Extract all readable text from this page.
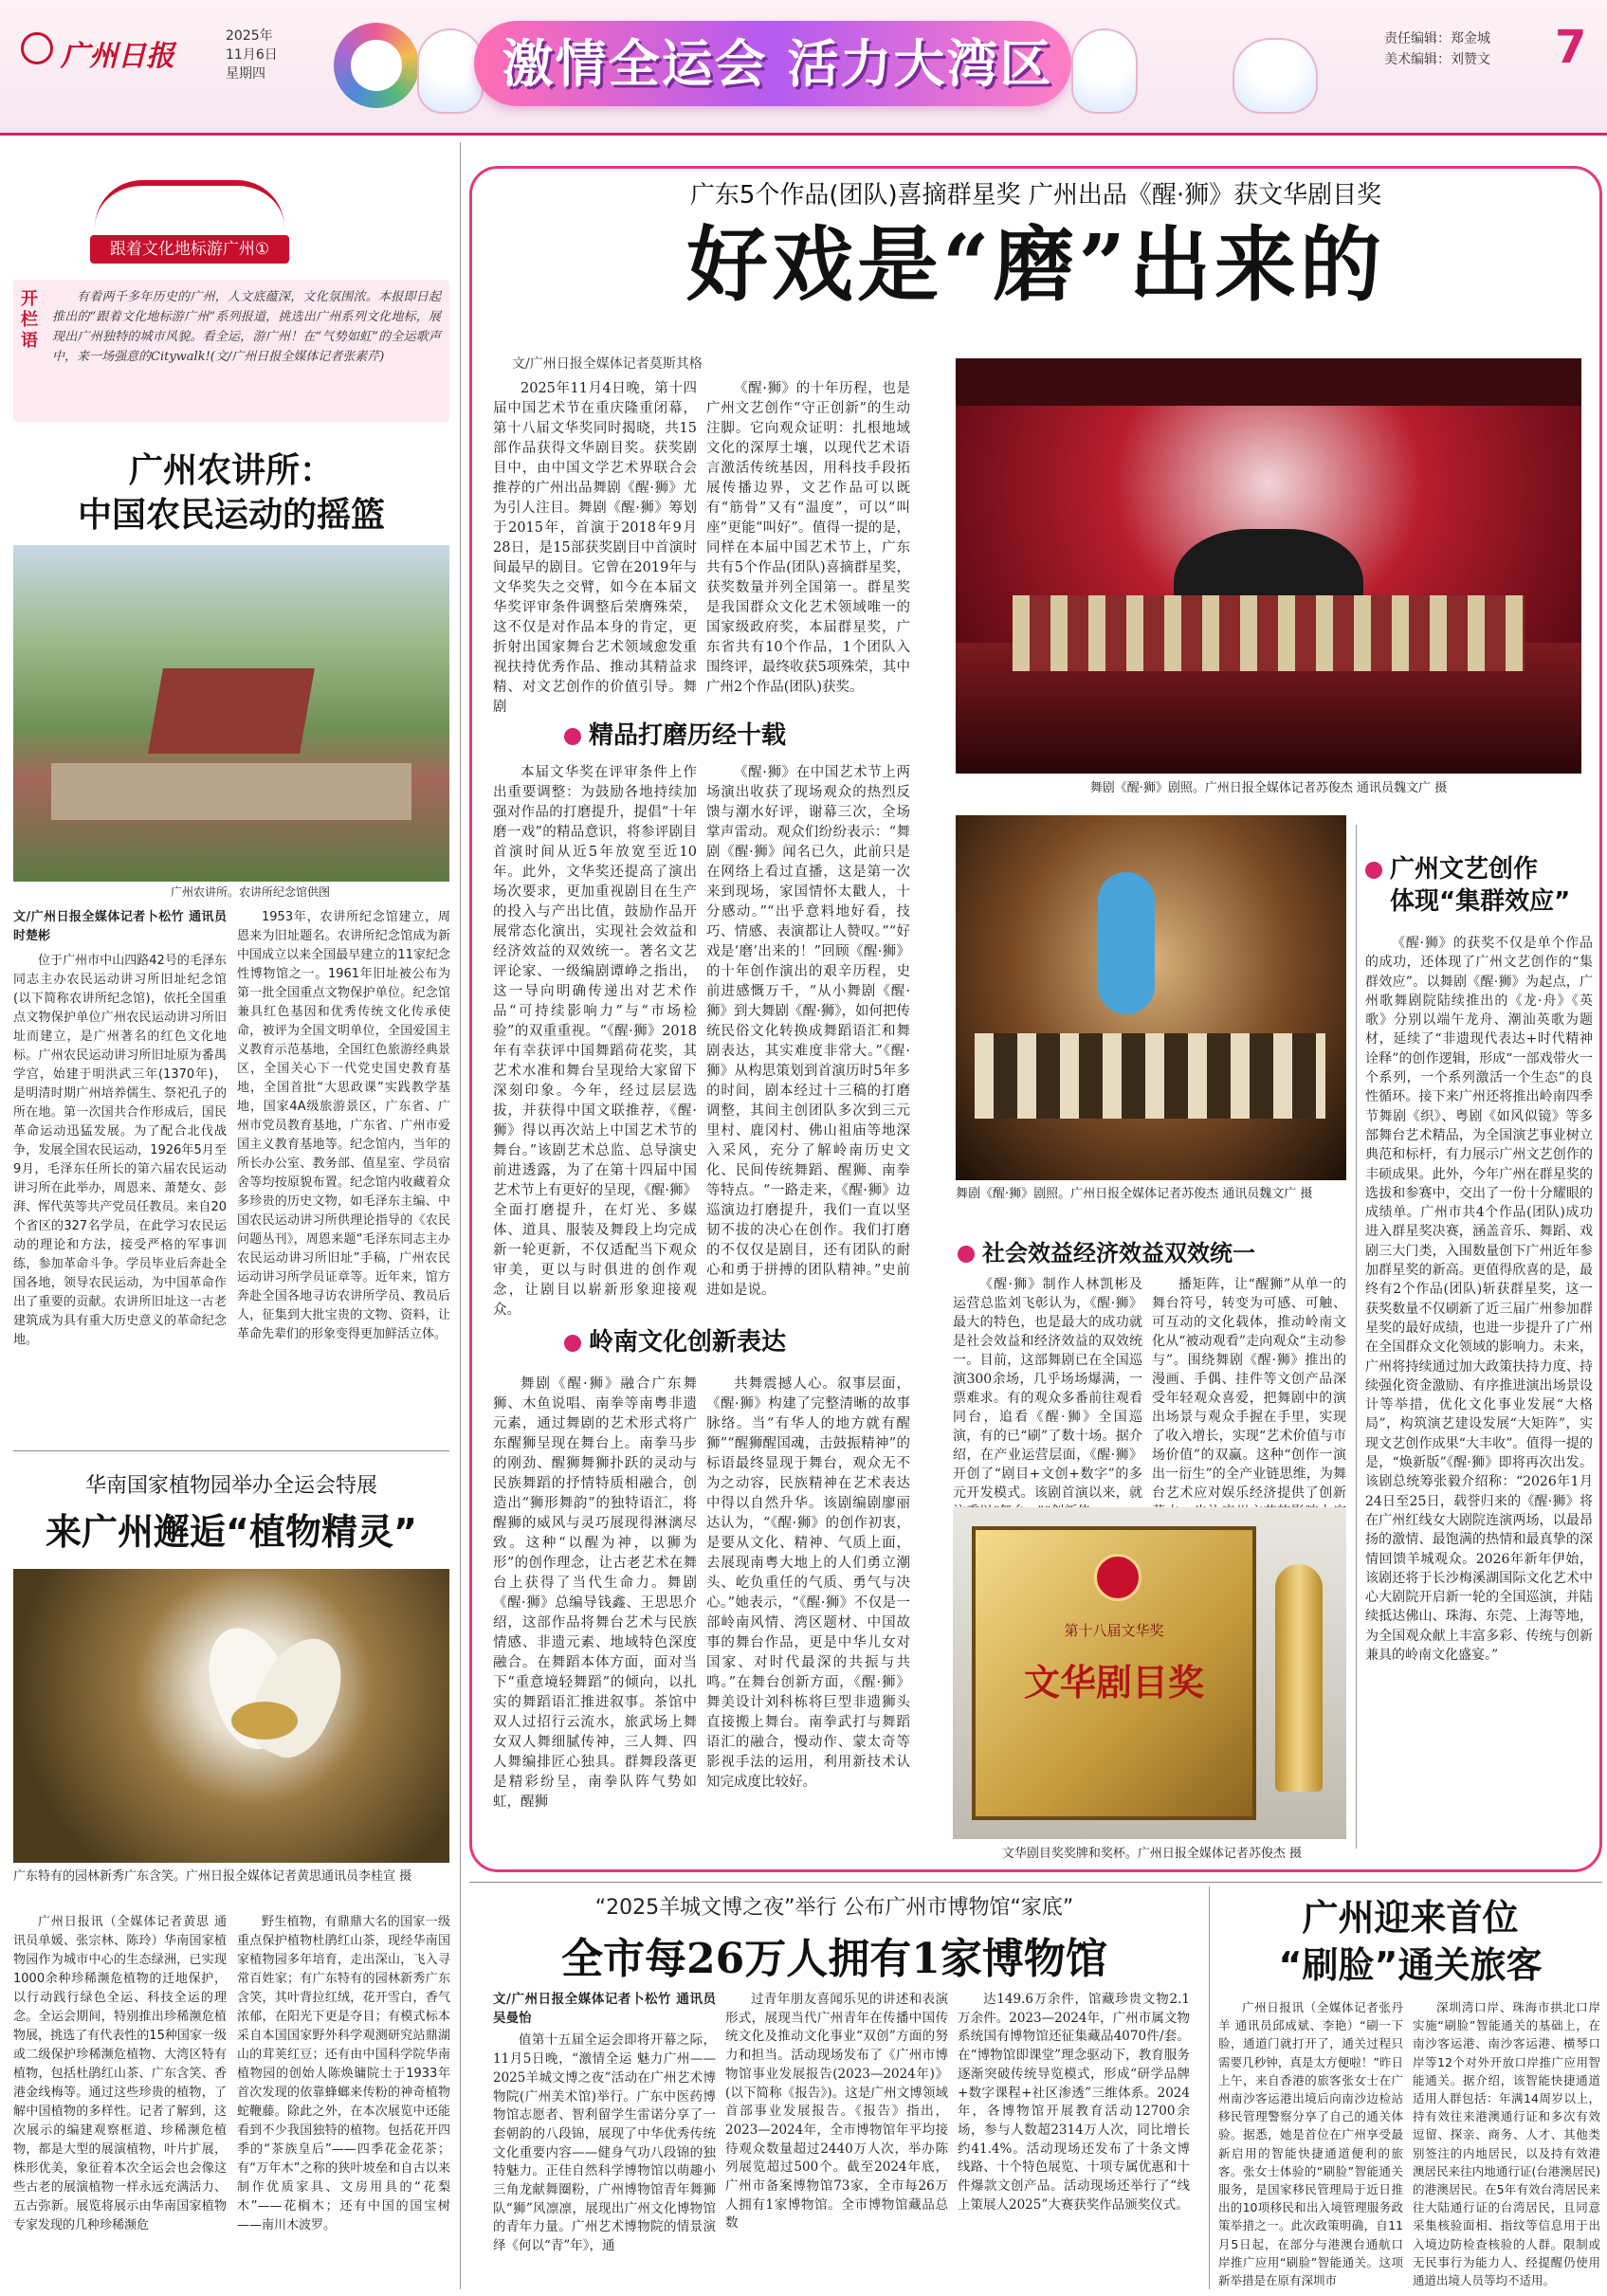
广州日报
2025年
11月6日
星期四	激情全运会 活力大湾区	责任编辑：郑金城
美术编辑：刘赞文 7
跟着文化地标游广州①
开栏语
有着两千多年历史的广州，人文底蕴深，文化氛围浓。本报即日起推出的“跟着文化地标游广州”系列报道，挑选出广州系列文化地标，展现出广州独特的城市风貌。看全运，游广州！在“气势如虹”的全运歌声中，来一场强意的Citywalk!(文/广州日报全媒体记者张素芹)
广州农讲所：
中国农民运动的摇篮
广州农讲所。农讲所纪念馆供图
文/广州日报全媒体记者卜松竹 通讯员时楚彬
位于广州市中山四路42号的毛泽东同志主办农民运动讲习所旧址纪念馆(以下简称农讲所纪念馆)，依托全国重点文物保护单位广州农民运动讲习所旧址而建立，是广州著名的红色文化地标。广州农民运动讲习所旧址原为番禺学宫，始建于明洪武三年(1370年)，是明清时期广州培养儒生、祭祀孔子的所在地。第一次国共合作形成后，国民革命运动迅猛发展。为了配合北伐战争，发展全国农民运动，1926年5月至9月，毛泽东任所长的第六届农民运动讲习所在此举办，周恩来、萧楚女、彭湃、恽代英等共产党员任教员。来自20个省区的327名学员，在此学习农民运动的理论和方法，接受严格的军事训练，参加革命斗争。学员毕业后奔赴全国各地，领导农民运动，为中国革命作出了重要的贡献。农讲所旧址这一古老建筑成为具有重大历史意义的革命纪念地。
1953年，农讲所纪念馆建立，周恩来为旧址题名。农讲所纪念馆成为新中国成立以来全国最早建立的11家纪念性博物馆之一。1961年旧址被公布为第一批全国重点文物保护单位。纪念馆兼具红色基因和优秀传统文化传承使命，被评为全国文明单位，全国爱国主义教育示范基地，全国红色旅游经典景区，全国关心下一代党史国史教育基地，全国首批“大思政课”实践教学基地，国家4A级旅游景区，广东省、广州市党员教育基地，广东省、广州市爱国主义教育基地等。纪念馆内，当年的所长办公室、教务部、值星室、学员宿舍等均按原貌布置。纪念馆内收藏着众多珍贵的历史文物，如毛泽东主编、中国农民运动讲习所供理论指导的《农民问题丛刊》，周恩来题“毛泽东同志主办农民运动讲习所旧址”手稿，广州农民运动讲习所学员证章等。近年来，馆方奔赴全国各地寻访农讲所学员、教员后人，征集到大批宝贵的文物、资料，让革命先辈们的形象变得更加鲜活立体。
华南国家植物园举办全运会特展
来广州邂逅“植物精灵”
广东特有的园林新秀广东含笑。广州日报全媒体记者黄思通讯员李桂宣 摄
广州日报讯（全媒体记者黄思 通讯员单媛、张宗林、陈玲）华南国家植物园作为城市中心的生态绿洲，已实现1000余种珍稀濒危植物的迁地保护，以行动践行绿色全运、科技全运的理念。全运会期间，特别推出珍稀濒危植物展，挑选了有代表性的15种国家一级或二级保护珍稀濒危植物、大湾区特有植物，包括杜鹃红山茶、广东含笑、香港金线梅等。通过这些珍贵的植物，了解中国植物的多样性。记者了解到，这次展示的编建观察框道、珍稀濒危植物，都是大型的展演植物，叶片扩展，株形优美，象征着本次全运会也会像这些古老的展演植物一样永远充满活力、五古弥新。展览将展示由华南国家植物专家发现的几种珍稀濒危
野生植物，有鼎鼎大名的国家一级重点保护植物杜鹃红山茶，现经华南国家植物园多年培育，走出深山，飞入寻常百姓家；有广东特有的园林新秀广东含笑，其叶背拉红绒，花开雪白，香气浓郁，在阳光下更是夺目；有模式标本采自本国国家野外科学观测研究站鼎湖山的茸荚红豆；还有由中国科学院华南植物园的创始人陈焕镛院士于1933年首次发现的依靠蜂螂来传粉的神奇植物蛇鞭藤。除此之外，在本次展览中还能看到不少我国独特的植物。包括花开四季的“茶族皇后”——四季花金花茶；有“万年木”之称的狭叶坡垒和自古以来制作优质家具、文房用具的“花梨木”——花榈木；还有中国的国宝树——南川木波罗。
广东5个作品(团队)喜摘群星奖 广州出品《醒·狮》获文华剧目奖
好戏是“磨”出来的
文/广州日报全媒体记者莫斯其格
2025年11月4日晚，第十四届中国艺术节在重庆隆重闭幕，第十八届文华奖同时揭晓，共15部作品获得文华剧目奖。获奖剧目中，由中国文学艺术界联合会推荐的广州出品舞剧《醒·狮》尤为引人注目。舞剧《醒·狮》筹划于2015年，首演于2018年9月28日，是15部获奖剧目中首演时间最早的剧目。它曾在2019年与文华奖失之交臂，如今在本届文华奖评审条件调整后荣膺殊荣，这不仅是对作品本身的肯定，更折射出国家舞台艺术领域愈发重视扶持优秀作品、推动其精益求精、对文艺创作的价值引导。舞剧
《醒·狮》的十年历程，也是广州文艺创作“守正创新”的生动注脚。它向观众证明：扎根地域文化的深厚土壤，以现代艺术语言激活传统基因，用科技手段拓展传播边界，文艺作品可以既有“筋骨”又有“温度”，可以“叫座”更能“叫好”。值得一提的是，同样在本届中国艺术节上，广东共有5个作品(团队)喜摘群星奖，获奖数量并列全国第一。群星奖是我国群众文化艺术领域唯一的国家级政府奖，本届群星奖，广东省共有10个作品，1个团队入围终评，最终收获5项殊荣，其中广州2个作品(团队)获奖。
舞剧《醒·狮》剧照。广州日报全媒体记者苏俊杰 通讯员魏文广 摄
精品打磨历经十载
本届文华奖在评审条件上作出重要调整：为鼓励各地持续加强对作品的打磨提升，提倡“十年磨一戏”的精品意识，将参评剧目首演时间从近5年放宽至近10年。此外，文华奖还提高了演出场次要求，更加重视剧目在生产的投入与产出比值，鼓励作品开展常态化演出，实现社会效益和经济效益的双效统一。著名文艺评论家、一级编剧谭峥之指出，这一导向明确传递出对艺术作品“可持续影响力”与“市场检验”的双重重视。“《醒·狮》2018年有幸获评中国舞蹈荷花奖，其艺术水准和舞台呈现给大家留下深刻印象。今年，经过层层选拔，并获得中国文联推荐，《醒·狮》得以再次站上中国艺术节的舞台。”该剧艺术总监、总导演史前进透露，为了在第十四届中国艺术节上有更好的呈现，《醒·狮》全面打磨提升，在灯光、多媒体、道具、服装及舞段上均完成新一轮更新，不仅适配当下观众审美，更以与时俱进的创作观念，让剧目以崭新形象迎接观众。
《醒·狮》在中国艺术节上两场演出收获了现场观众的热烈反馈与潮水好评，谢幕三次，全场掌声雷动。观众们纷纷表示：“舞剧《醒·狮》闻名已久，此前只是在网络上看过直播，这是第一次来到现场，家国情怀太戳人，十分感动。”“出乎意料地好看，技巧、情感、表演都让人赞叹。”“好戏是‘磨’出来的！”回顾《醒·狮》的十年创作演出的艰辛历程，史前进感慨万千，“从小舞剧《醒·狮》到大舞剧《醒·狮》，如何把传统民俗文化转换成舞蹈语汇和舞剧表达，其实难度非常大。”《醒·狮》从构思策划到首演历时5年多的时间，剧本经过十三稿的打磨调整，其间主创团队多次到三元里村、鹿冈村、佛山祖庙等地深入采风，充分了解岭南历史文化、民间传统舞蹈、醒狮、南拳等特点。“一路走来，《醒·狮》边巡演边打磨提升，我们一直以坚韧不拔的决心在创作。我们打磨的不仅仅是剧目，还有团队的耐心和勇于拼搏的团队精神。”史前进如是说。
舞剧《醒·狮》剧照。广州日报全媒体记者苏俊杰 通讯员魏文广 摄
社会效益经济效益双效统一
《醒·狮》制作人林凯彬及运营总监刘飞彰认为，《醒·狮》最大的特色，也是最大的成功就是社会效益和经济效益的双效统一。目前，这部舞剧已在全国巡演300余场，几乎场场爆满，一票难求。有的观众多番前往观看同台，追看《醒·狮》全国巡演，有的已“刷”了数十场。据介绍，在产业运营层面，《醒·狮》开创了“剧目+文创+数字”的多元开发模式。该剧首演以来，就
播矩阵，让“醒狮”从单一的舞台符号，转变为可感、可触、可互动的文化载体，推动岭南文化从“被动观看”走向观众“主动参与”。围绕舞剧《醒·狮》推出的漫画、手偶、挂件等文创产品深受年轻观众喜爱，把舞剧中的演出场景与观众手握在手里，实现了收入增长，实现“艺术价值与市场价值”的双赢。这种“创作一演出一衍生”的全产业链思维，为舞台艺术应对娱乐经济提供了创新
岭南文化创新表达
舞剧《醒·狮》融合广东舞狮、木鱼说唱、南拳等南粤非遗元素，通过舞剧的艺术形式将广东醒狮呈现在舞台上。南拳马步的刚劲、醒狮舞狮扑跃的灵动与民族舞蹈的抒情特质相融合，创造出“狮形舞韵”的独特语汇，将醒狮的威风与灵巧展现得淋漓尽致。这种“以醒为神，以狮为形”的创作理念，让古老艺术在舞台上获得了当代生命力。舞剧《醒·狮》总编导钱鑫、王思思介绍，这部作品将舞台艺术与民族情感、非遗元素、地域特色深度融合。在舞蹈本体方面，面对当下“重意境轻舞蹈”的倾向，以扎实的舞蹈语汇推进叙事。茶馆中双人过招行云流水，旅武场上舞女双人舞细腻传神，三人舞、四人舞编排匠心独具。群舞段落更是精彩纷呈，南拳队阵气势如虹，醒狮
共舞震撼人心。叙事层面，《醒·狮》构建了完整清晰的故事脉络。当“有华人的地方就有醒狮”“醒狮醒国魂，击鼓振精神”的标语最终显现于舞台，观众无不为之动容，民族精神在艺术表达中得以自然升华。该剧编剧廖丽达认为，“《醒·狮》的创作初衷，是要从文化、精神、气质上面，去展现南粤大地上的人们勇立潮头、屹负重任的气质、勇气与决心。”她表示，“《醒·狮》不仅是一部岭南风情、湾区题材、中国故事的舞台作品，更是中华儿女对国家、对时代最深的共振与共鸣。”在舞台创新方面，《醒·狮》舞美设计刘科栋将巨型非遗狮头直接搬上舞台。南拳武打与舞蹈语汇的融合，慢动作、蒙太奇等影视手法的运用，利用新技术认知完成度比较好。
第十八届文华奖
文华剧目奖
文华剧目奖奖牌和奖杯。广州日报全媒体记者苏俊杰 摄
广州文艺创作
体现“集群效应”
《醒·狮》的获奖不仅是单个作品的成功，还体现了广州文艺创作的“集群效应”。以舞剧《醒·狮》为起点，广州歌舞剧院陆续推出的《龙·舟》《英歌》分别以端午龙舟、潮汕英歌为题材，延续了“非遗现代表达+时代精神诠释”的创作逻辑，形成“一部戏带火一个系列，一个系列激活一个生态”的良性循环。接下来广州还将推出岭南四季节舞剧《织》、粤剧《如风似镜》等多部舞台艺术精品，为全国演艺事业树立典范和标杆，有力展示广州文艺创作的丰硕成果。此外，今年广州在群星奖的选拔和参赛中，交出了一份十分耀眼的成绩单。广州市共4个作品(团队)成功进入群星奖决赛，涵盖音乐、舞蹈、戏剧三大门类，入围数量创下广州近年参加群星奖的新高。更值得欣喜的是，最终有2个作品(团队)斩获群星奖，这一获奖数量不仅刷新了近三届广州参加群星奖的最好成绩，也进一步提升了广州在全国群众文化领域的影响力。未来，广州将持续通过加大政策扶持力度、持续强化资金激励、有序推进演出场景设计等举措，优化文化事业发展“大格局”，构筑演艺建设发展“大矩阵”，实现文艺创作成果“大丰收”。值得一提的是，“焕新版”《醒·狮》即将再次出发。该剧总统筹张毅介绍称：“2026年1月24日至25日，载誉归来的《醒·狮》将在广州红线女大剧院连演两场，以最昂扬的激情、最饱满的热情和最真挚的深情回馈羊城观众。2026年新年伊始，该剧还将于长沙梅溪湖国际文化艺术中心大剧院开启新一轮的全国巡演，并陆续抵达佛山、珠海、东莞、上海等地，为全国观众献上丰富多彩、传统与创新兼具的岭南文化盛宴。”
“2025羊城文博之夜”举行 公布广州市博物馆“家底”
全市每26万人拥有1家博物馆
文/广州日报全媒体记者卜松竹 通讯员吴曼怡
值第十五届全运会即将开幕之际，11月5日晚，“激情全运 魅力广州——2025羊城文博之夜”活动在广州艺术博物院(广州美术馆)举行。广东中医药博物馆志愿者、智利留学生雷诺分享了一套朝韵的八段锦，展现了中华优秀传统文化重要内容——健身气功八段锦的独特魅力。正佳自然科学博物馆以萌趣小三角龙献舞圈粉，广州博物馆青年舞狮队“狮”风凛凛，展现出广州文化博物馆的青年力量。广州艺术博物院的情景演绎《何以“青”年》，通
过青年朋友喜闻乐见的讲述和表演形式，展现当代广州青年在传播中国传统文化及推动文化事业“双创”方面的努力和担当。活动现场发布了《广州市博物馆事业发展报告(2023—2024年)》(以下简称《报告》)。这是广州文博领域首部事业发展报告。《报告》指出，2023—2024年，全市博物馆年平均接待观众数量超过2440万人次，举办陈列展览超过500个。截至2024年底，广州市备案博物馆73家，全市每26万人拥有1家博物馆。全市博物馆藏品总数
达149.6万余件，馆藏珍贵文物2.1万余件。2023—2024年，广州市属文物系统国有博物馆还征集藏品4070件/套。在“博物馆即课堂”理念驱动下，教育服务逐渐突破传统导览模式，形成“研学品牌+数字课程+社区渗透”三维体系。2024年，各博物馆开展教育活动12700余场，参与人数超2314万人次，同比增长约41.4%。活动现场还发布了十条文博线路、十个特色展览、十项专属优惠和十件爆款文创产品。活动现场还举行了“线上策展人2025”大赛获奖作品颁奖仪式。
广州迎来首位
“刷脸”通关旅客
广州日报讯（全媒体记者张丹羊 通讯员邱成斌、李艳）“刷一下脸，通道门就打开了，通关过程只需要几秒钟，真是太方便啦！”昨日上午，来自香港的旅客张女士在广州南沙客运港出境后向南沙边检站移民管理警察分享了自己的通关体验。据悉，她是首位在广州享受最新启用的智能快捷通道便利的旅客。张女士体验的“刷脸”智能通关服务，是国家移民管理局于近日推出的10项移民和出入境管理服务政策举措之一。此次政策明确，自11月5日起，在部分与港澳台通航口岸推广应用“刷脸”智能通关。这项新举措是在原有深圳市
深圳湾口岸、珠海市拱北口岸实施“刷脸”智能通关的基础上，在南沙客运港、南沙客运港、横琴口岸等12个对外开放口岸推广应用智能通关。据介绍，该智能快捷通道适用人群包括：年满14周岁以上，持有效往来港澳通行证和多次有效逗留、探亲、商务、人才、其他类别签注的内地居民，以及持有效港澳居民来往内地通行证(台港澳居民)的港澳居民。在5年有效台湾居民来往大陆通行证的台湾居民，且同意采集核验面相、指纹等信息用于出入境边防检查核验的人群。限制或无民事行为能力人、经提醒仍使用通道出境人员等均不适用。
